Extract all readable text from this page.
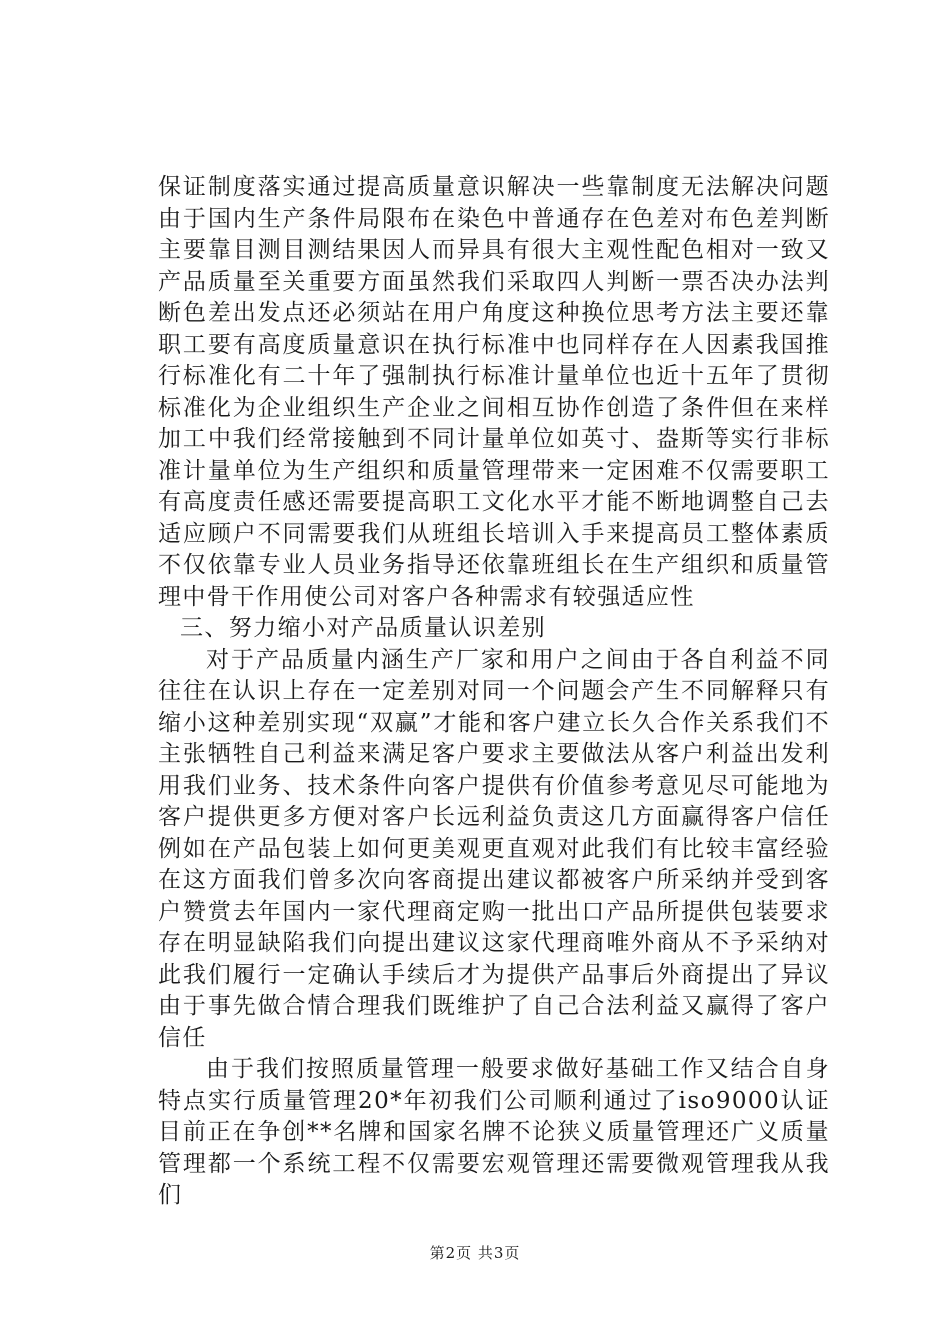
保证制度落实通过提高质量意识解决一些靠制度无法解决问题由于国内生产条件局限布在染色中普通存在色差对布色差判断主要靠目测目测结果因人而异具有很大主观性配色相对一致又产品质量至关重要方面虽然我们采取四人判断一票否决办法判断色差出发点还必须站在用户角度这种换位思考方法主要还靠职工要有高度质量意识在执行标准中也同样存在人因素我国推行标准化有二十年了强制执行标准计量单位也近十五年了贯彻标准化为企业组织生产企业之间相互协作创造了条件但在来样加工中我们经常接触到不同计量单位如英寸、盎斯等实行非标准计量单位为生产组织和质量管理带来一定困难不仅需要职工有高度责任感还需要提高职工文化水平才能不断地调整自己去适应顾户不同需要我们从班组长培训入手来提高员工整体素质不仅依靠专业人员业务指导还依靠班组长在生产组织和质量管理中骨干作用使公司对客户各种需求有较强适应性

三、努力缩小对产品质量认识差别

对于产品质量内涵生产厂家和用户之间由于各自利益不同往往在认识上存在一定差别对同一个问题会产生不同解释只有缩小这种差别实现“双赢”才能和客户建立长久合作关系我们不主张牺牲自己利益来满足客户要求主要做法从客户利益出发利用我们业务、技术条件向客户提供有价值参考意见尽可能地为客户提供更多方便对客户长远利益负责这几方面赢得客户信任例如在产品包装上如何更美观更直观对此我们有比较丰富经验在这方面我们曾多次向客商提出建议都被客户所采纳并受到客户赞赏去年国内一家代理商定购一批出口产品所提供包装要求存在明显缺陷我们向提出建议这家代理商唯外商从不予采纳对此我们履行一定确认手续后才为提供产品事后外商提出了异议由于事先做合情合理我们既维护了自己合法利益又赢得了客户信任

由于我们按照质量管理一般要求做好基础工作又结合自身特点实行质量管理20*年初我们公司顺利通过了iso9000认证目前正在争创**名牌和国家名牌不论狭义质量管理还广义质量管理都一个系统工程不仅需要宏观管理还需要微观管理我从我们

第2页 共3页
